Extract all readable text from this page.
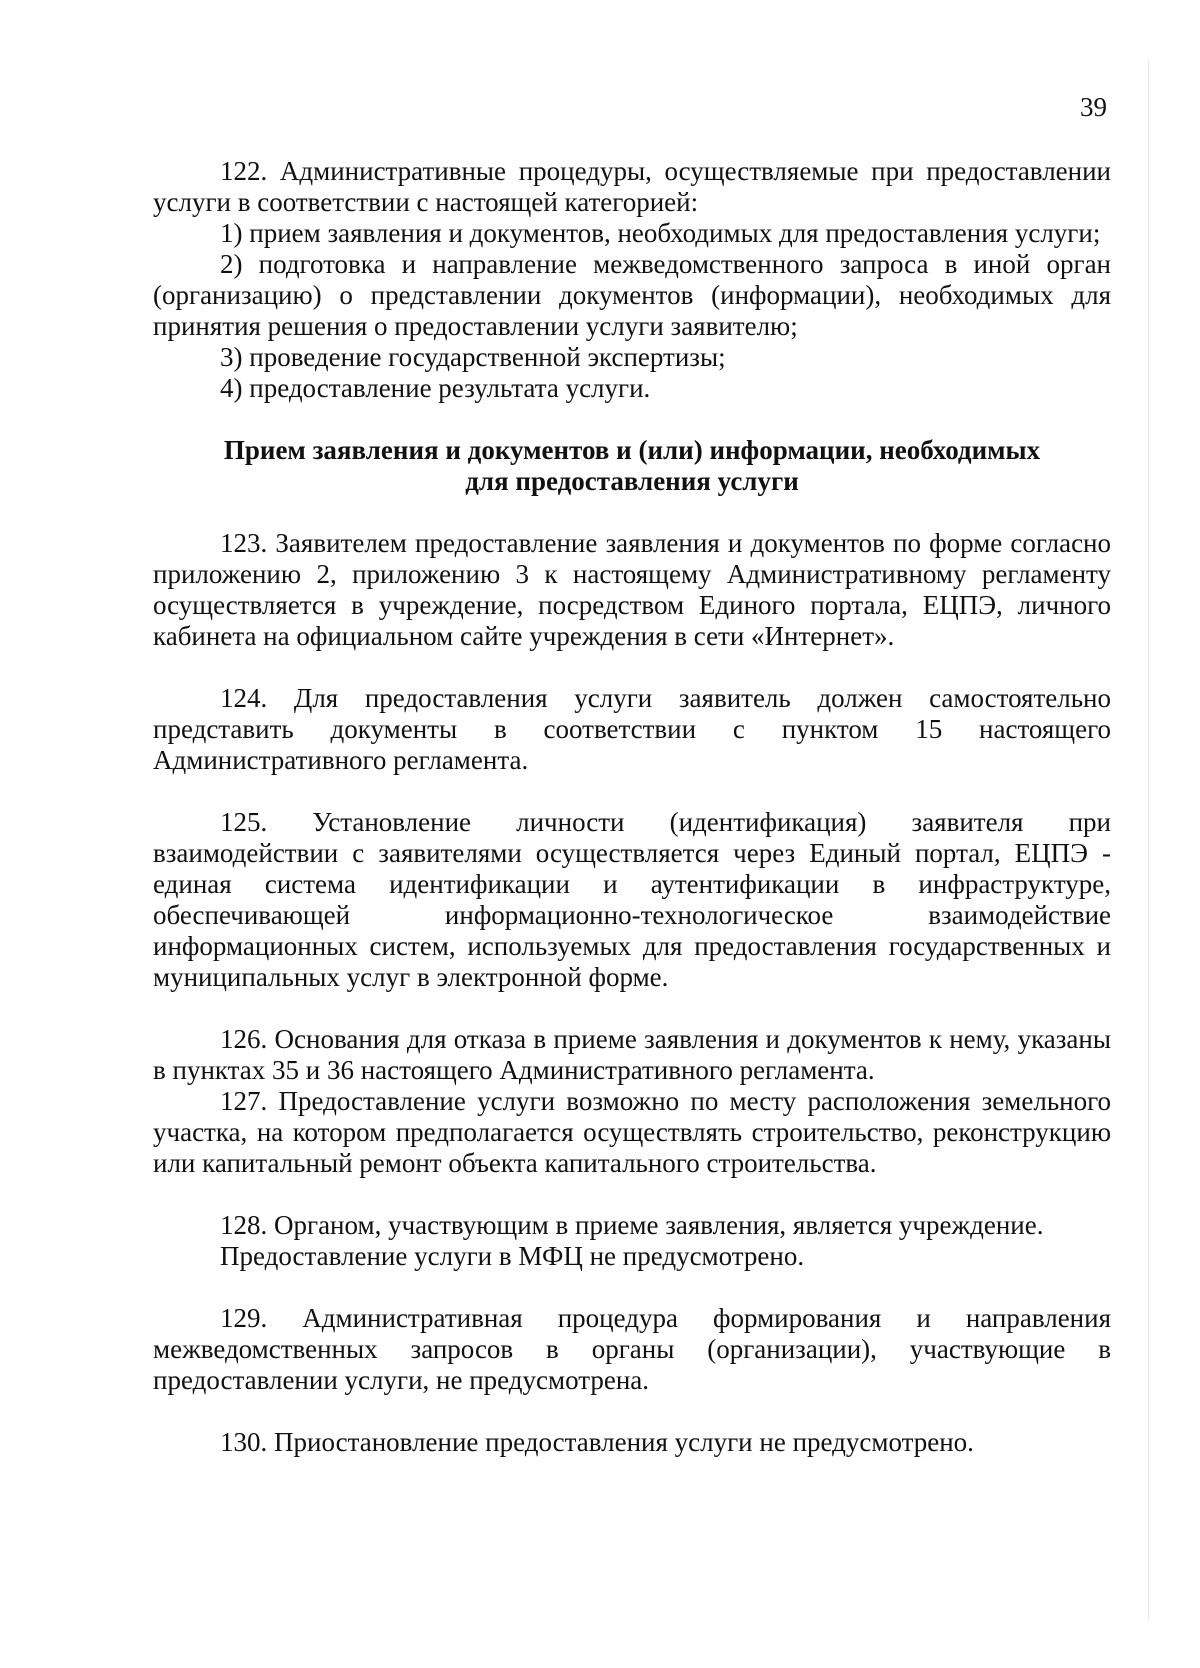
39

122. Административные процедуры, осуществляемые при предоставлении услуги в соответствии с настоящей категорией:

1) прием заявления и документов, необходимых для предоставления услуги;

2) подготовка и направление межведомственного запроса в иной орган (организацию) о представлении документов (информации), необходимых для принятия решения о предоставлении услуги заявителю;

3) проведение государственной экспертизы;

4) предоставление результата услуги.

Прием заявления и документов и (или) информации, необходимых
для предоставления услуги

123. Заявителем предоставление заявления и документов по форме согласно приложению 2, приложению 3 к настоящему Административному регламенту осуществляется в учреждение, посредством Единого портала, ЕЦПЭ, личного кабинета на официальном сайте учреждения в сети «Интернет».

124. Для предоставления услуги заявитель должен самостоятельно представить документы в соответствии с пунктом 15 настоящего Административного регламента.

125. Установление личности (идентификация) заявителя при взаимодействии с заявителями осуществляется через Единый портал, ЕЦПЭ - единая система идентификации и аутентификации в инфраструктуре, обеспечивающей информационно-технологическое взаимодействие информационных систем, используемых для предоставления государственных и муниципальных услуг в электронной форме.

126. Основания для отказа в приеме заявления и документов к нему, указаны в пунктах 35 и 36 настоящего Административного регламента.

127. Предоставление услуги возможно по месту расположения земельного участка, на котором предполагается осуществлять строительство, реконструкцию или капитальный ремонт объекта капитального строительства.

128. Органом, участвующим в приеме заявления, является учреждение.

Предоставление услуги в МФЦ не предусмотрено.

129. Административная процедура формирования и направления межведомственных запросов в органы (организации), участвующие в предоставлении услуги, не предусмотрена.

130. Приостановление предоставления услуги не предусмотрено.
